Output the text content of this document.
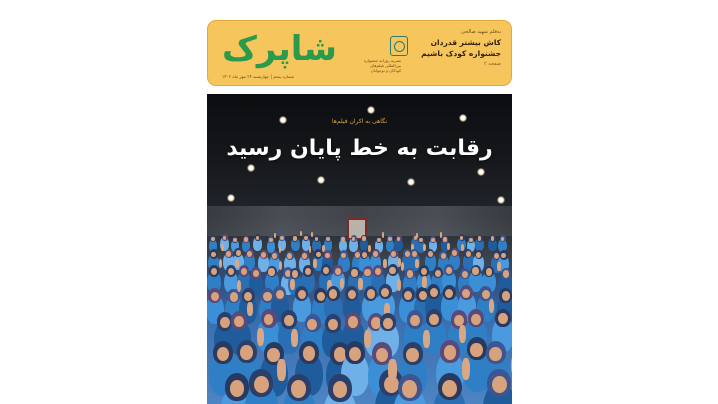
شاپرک	نشریه روزانه جشنواره
بین‌المللی فیلم‌های
کودکان و نوجوانان
شماره پنجم | چهارشنبه ۲۴ مهر ماه ۱۴۰۲
به‌قلم شهید‌ صالحی
کاش بیشتر قدردان
جشنواره کودک باشیم
صفحه ۲
نگاهی به اکران فیلم‌ها
رقابت به خط پایان رسید
